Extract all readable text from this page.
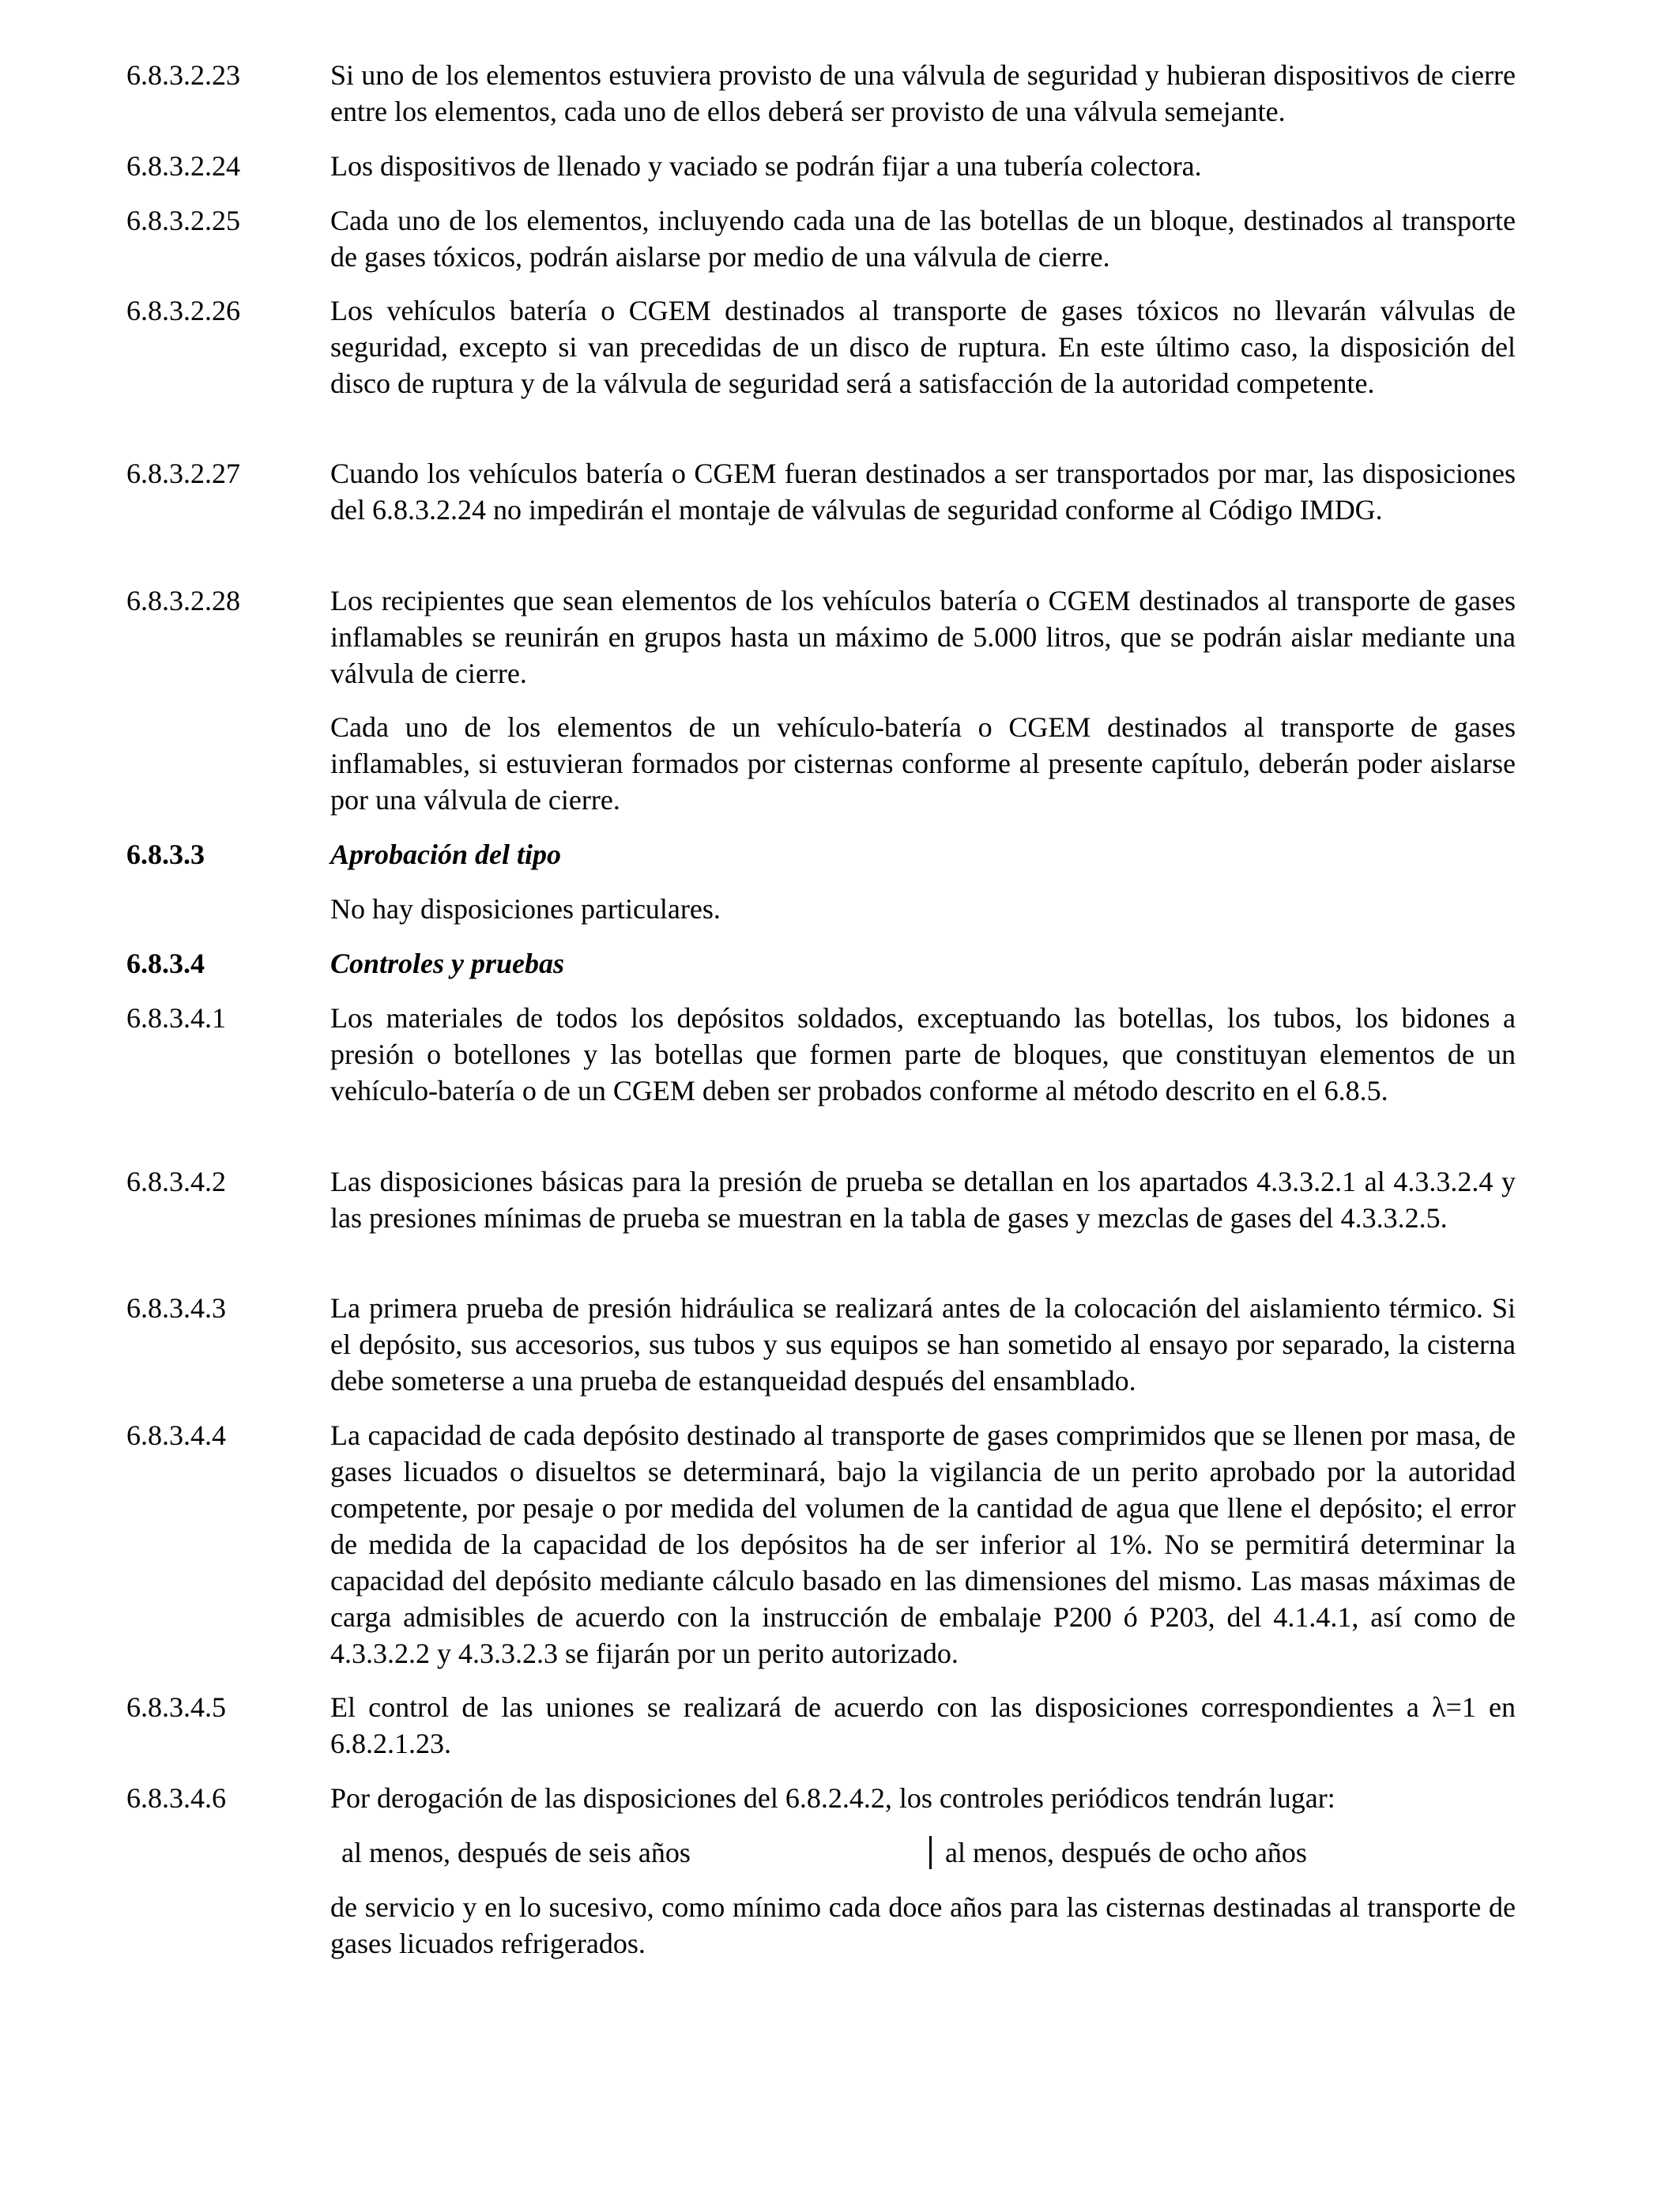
6.8.3.2.23	Si uno de los elementos estuviera provisto de una válvula de seguridad y hubieran dispositivos de cierre entre los elementos, cada uno de ellos deberá ser provisto de una válvula semejante.
6.8.3.2.24	Los dispositivos de llenado y vaciado se podrán fijar a una tubería colectora.
6.8.3.2.25	Cada uno de los elementos, incluyendo cada una de las botellas de un bloque, destinados al transporte de gases tóxicos, podrán aislarse por medio de una válvula de cierre.
6.8.3.2.26	Los vehículos batería o CGEM destinados al transporte de gases tóxicos no llevarán válvulas de seguridad, excepto si van precedidas de un disco de ruptura. En este último caso, la disposición del disco de ruptura y de la válvula de seguridad será a satisfacción de la autoridad competente.
6.8.3.2.27	Cuando los vehículos batería o CGEM fueran destinados a ser transportados por mar, las disposiciones del 6.8.3.2.24 no impedirán el montaje de válvulas de seguridad conforme al Código IMDG.
6.8.3.2.28	Los recipientes que sean elementos de los vehículos batería o CGEM destinados al transporte de gases inflamables se reunirán en grupos hasta un máximo de 5.000 litros, que se podrán aislar mediante una válvula de cierre.
Cada uno de los elementos de un vehículo-batería o CGEM destinados al transporte de gases inflamables, si estuvieran formados por cisternas conforme al presente capítulo, deberán poder aislarse por una válvula de cierre.
6.8.3.3	Aprobación del tipo
No hay disposiciones particulares.
6.8.3.4	Controles y pruebas
6.8.3.4.1	Los materiales de todos los depósitos soldados, exceptuando las botellas, los tubos, los bidones a presión o botellones y las botellas que formen parte de bloques, que constituyan elementos de un vehículo-batería o de un CGEM deben ser probados conforme al método descrito en el 6.8.5.
6.8.3.4.2	Las disposiciones básicas para la presión de prueba se detallan en los apartados 4.3.3.2.1 al 4.3.3.2.4 y las presiones mínimas de prueba se muestran en la tabla de gases y mezclas de gases del 4.3.3.2.5.
6.8.3.4.3	La primera prueba de presión hidráulica se realizará antes de la colocación del aislamiento térmico. Si el depósito, sus accesorios, sus tubos y sus equipos se han sometido al ensayo por separado, la cisterna debe someterse a una prueba de estanqueidad después del ensamblado.
6.8.3.4.4	La capacidad de cada depósito destinado al transporte de gases comprimidos que se llenen por masa, de gases licuados o disueltos se determinará, bajo la vigilancia de un perito aprobado por la autoridad competente, por pesaje o por medida del volumen de la cantidad de agua que llene el depósito; el error de medida de la capacidad de los depósitos ha de ser inferior al 1%. No se permitirá determinar la capacidad del depósito mediante cálculo basado en las dimensiones del mismo. Las masas máximas de carga admisibles de acuerdo con la instrucción de embalaje P200 ó P203, del 4.1.4.1, así como de 4.3.3.2.2 y 4.3.3.2.3 se fijarán por un perito autorizado.
6.8.3.4.5	El control de las uniones se realizará de acuerdo con las disposiciones correspondientes a λ=1 en 6.8.2.1.23.
6.8.3.4.6	Por derogación de las disposiciones del 6.8.2.4.2, los controles periódicos tendrán lugar:
al menos, después de seis años	al menos, después de ocho años
de servicio y en lo sucesivo, como mínimo cada doce años para las cisternas destinadas al transporte de gases licuados refrigerados.
